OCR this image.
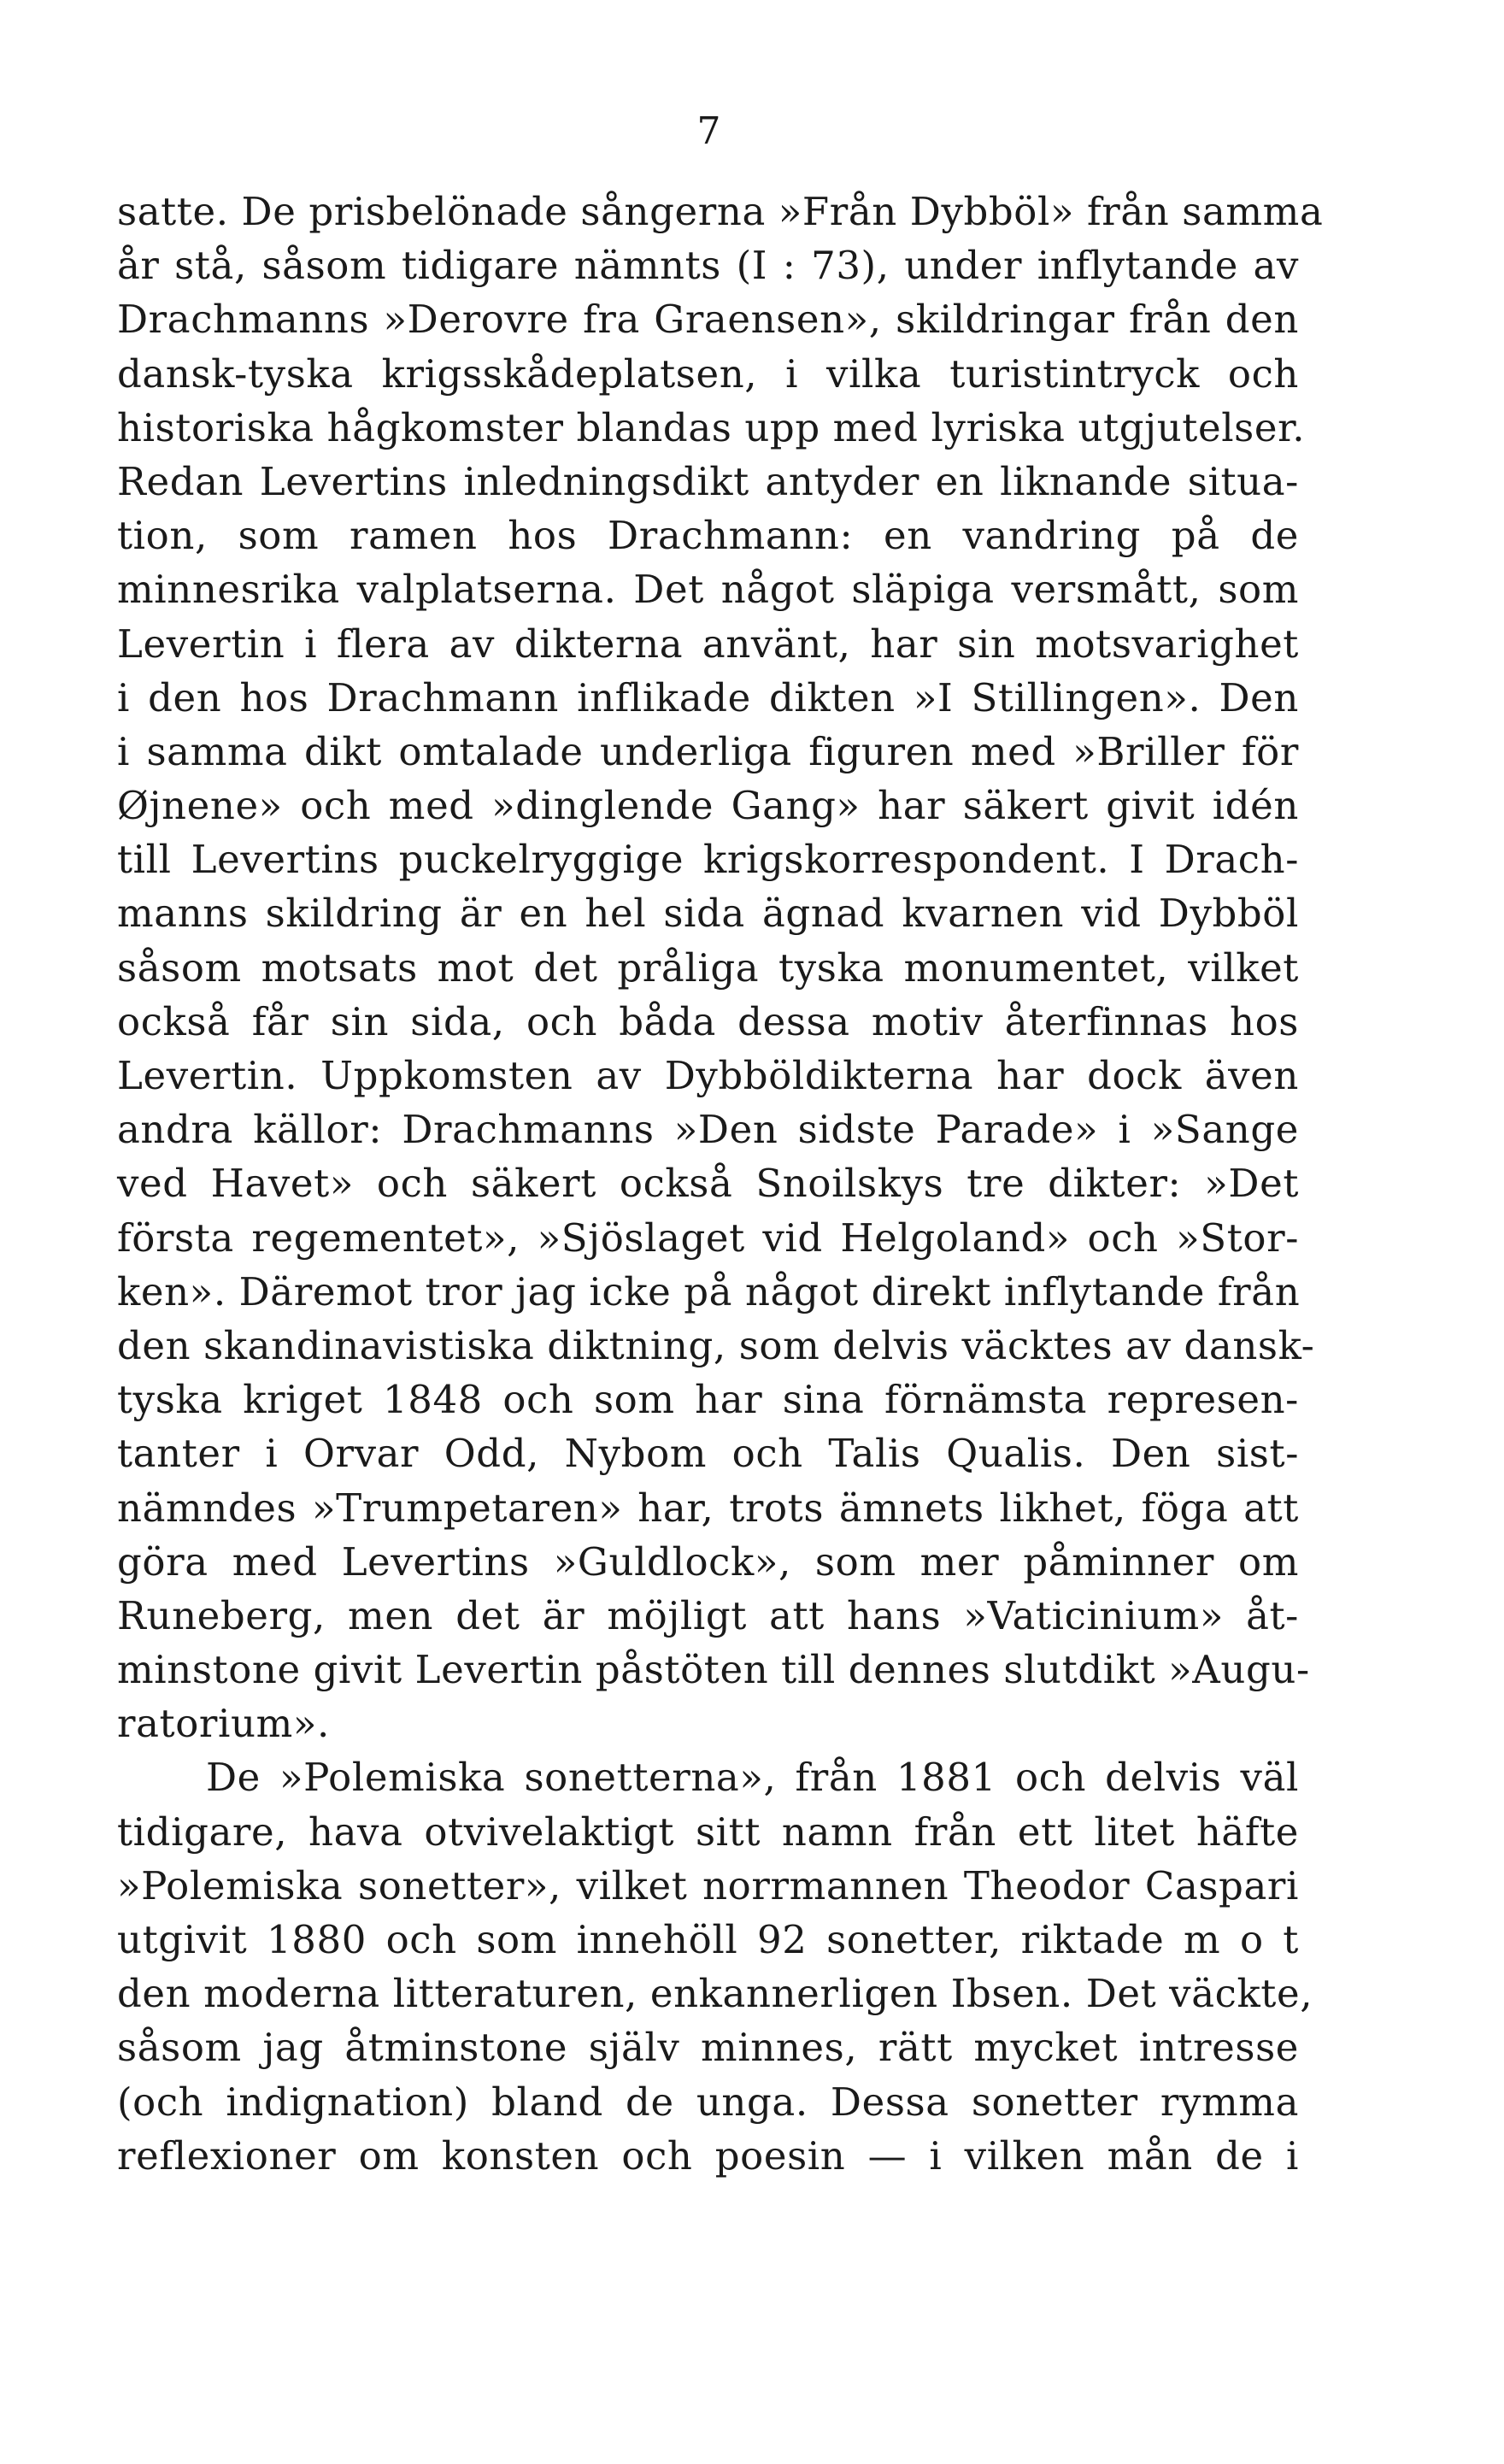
7
satte. De prisbelönade sångerna »Från Dybböl» från samma
år stå, såsom tidigare nämnts (I : 73), under inflytande av
Drachmanns »Derovre fra Graensen», skildringar från den
dansk-tyska krigsskådeplatsen, i vilka turistintryck och
historiska hågkomster blandas upp med lyriska utgjutelser.
Redan Levertins inledningsdikt antyder en liknande situa-
tion, som ramen hos Drachmann: en vandring på de
minnesrika valplatserna. Det något släpiga versmått, som
Levertin i flera av dikterna använt, har sin motsvarighet
i den hos Drachmann inflikade dikten »I Stillingen». Den
i samma dikt omtalade underliga figuren med »Briller för
Øjnene» och med »dinglende Gang» har säkert givit idén
till Levertins puckelryggige krigskorrespondent. I Drach-
manns skildring är en hel sida ägnad kvarnen vid Dybböl
såsom motsats mot det pråliga tyska monumentet, vilket
också får sin sida, och båda dessa motiv återfinnas hos
Levertin. Uppkomsten av Dybböldikterna har dock även
andra källor: Drachmanns »Den sidste Parade» i »Sange
ved Havet» och säkert också Snoilskys tre dikter: »Det
första regementet», »Sjöslaget vid Helgoland» och »Stor-
ken». Däremot tror jag icke på något direkt inflytande från
den skandinavistiska diktning, som delvis väcktes av dansk-
tyska kriget 1848 och som har sina förnämsta represen-
tanter i Orvar Odd, Nybom och Talis Qualis. Den sist-
nämndes »Trumpetaren» har, trots ämnets likhet, föga att
göra med Levertins »Guldlock», som mer påminner om
Runeberg, men det är möjligt att hans »Vaticinium» åt-
minstone givit Levertin påstöten till dennes slutdikt »Augu-
ratorium».
De »Polemiska sonetterna», från 1881 och delvis väl
tidigare, hava otvivelaktigt sitt namn från ett litet häfte
»Polemiska sonetter», vilket norrmannen Theodor Caspari
utgivit 1880 och som innehöll 92 sonetter, riktade m o t
den moderna litteraturen, enkannerligen Ibsen. Det väckte,
såsom jag åtminstone själv minnes, rätt mycket intresse
(och indignation) bland de unga. Dessa sonetter rymma
reflexioner om konsten och poesin — i vilken mån de i
